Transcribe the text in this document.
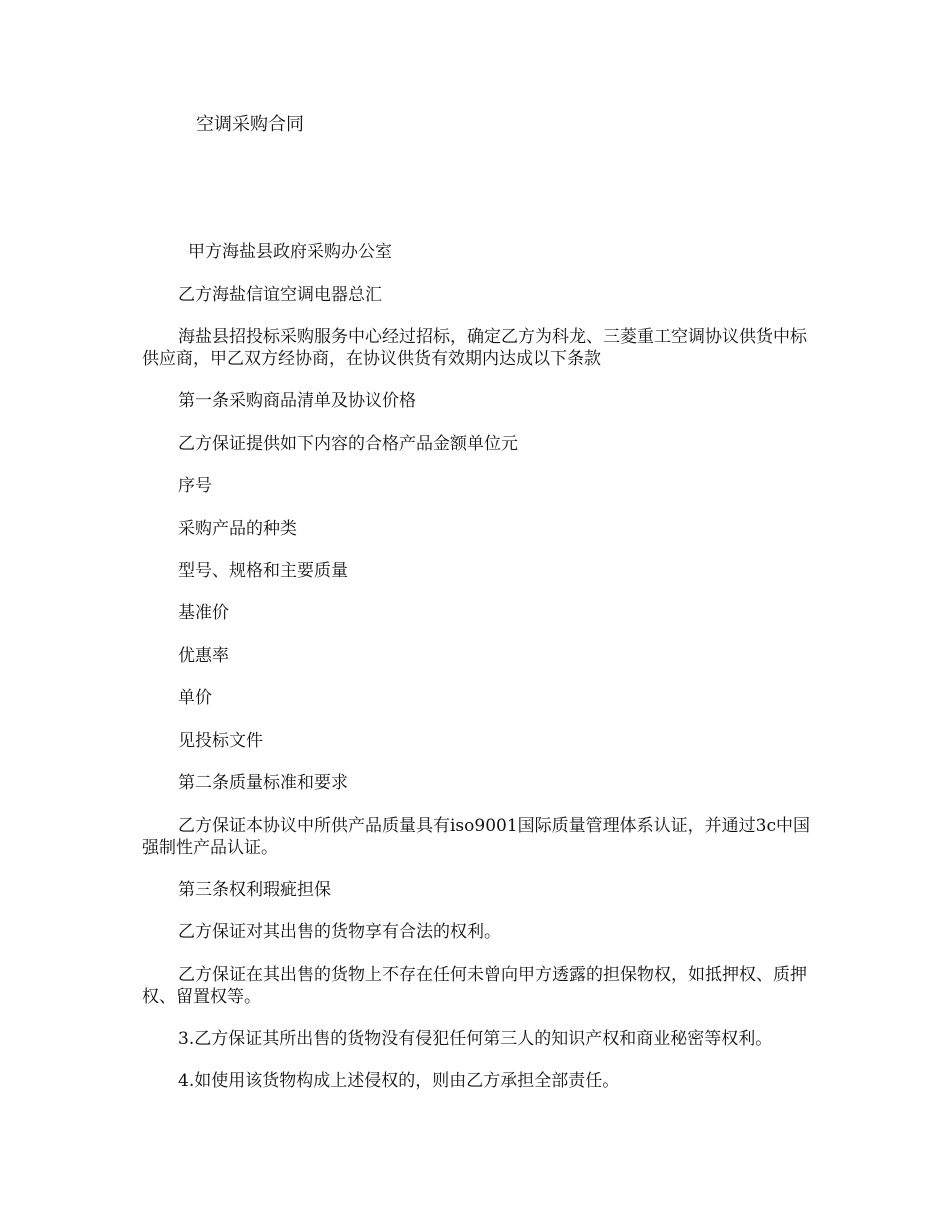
空调采购合同

甲方海盐县政府采购办公室

乙方海盐信谊空调电器总汇

海盐县招投标采购服务中心经过招标，确定乙方为科龙、三菱重工空调协议供货中标供应商，甲乙双方经协商，在协议供货有效期内达成以下条款

第一条采购商品清单及协议价格

乙方保证提供如下内容的合格产品金额单位元

序号

采购产品的种类

型号、规格和主要质量

基准价

优惠率

单价

见投标文件

第二条质量标准和要求

乙方保证本协议中所供产品质量具有iso9001国际质量管理体系认证，并通过3c中国强制性产品认证。

第三条权利瑕疵担保

乙方保证对其出售的货物享有合法的权利。

乙方保证在其出售的货物上不存在任何未曾向甲方透露的担保物权，如抵押权、质押权、留置权等。

3.乙方保证其所出售的货物没有侵犯任何第三人的知识产权和商业秘密等权利。

4.如使用该货物构成上述侵权的，则由乙方承担全部责任。
